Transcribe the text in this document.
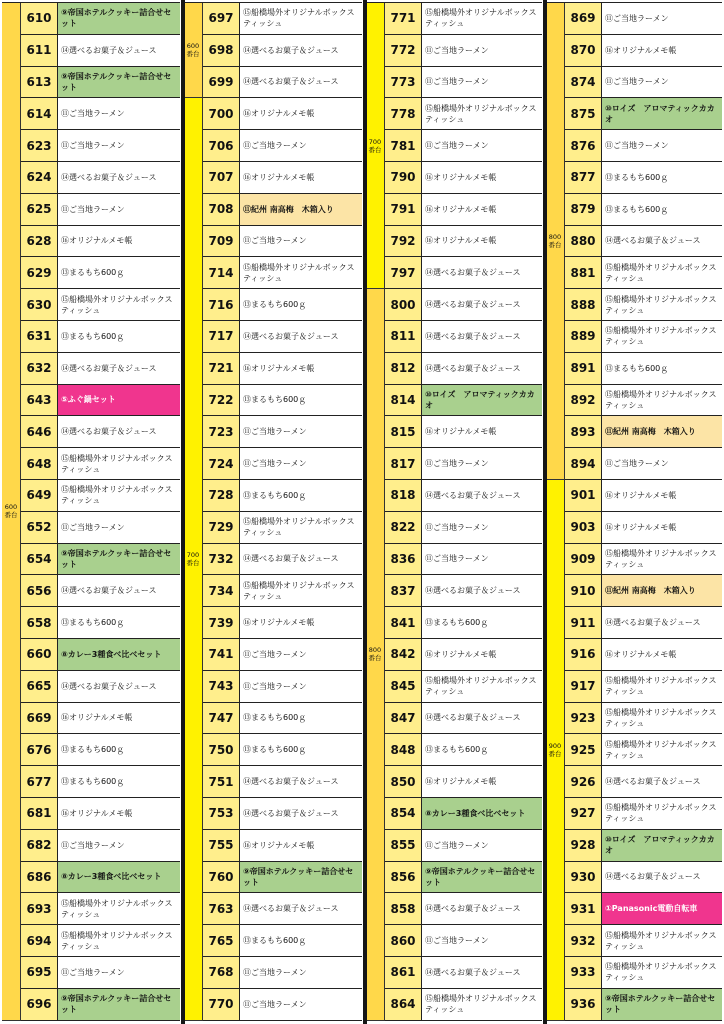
600
番台
610	⑨帝国ホテルクッキー詰合せセット
611	⑭選べるお菓子＆ジュース
613	⑨帝国ホテルクッキー詰合せセット
614	⑪ご当地ラーメン
623	⑪ご当地ラーメン
624	⑭選べるお菓子＆ジュース
625	⑪ご当地ラーメン
628	⑯オリジナルメモ帳
629	⑬まるもち600ｇ
630	⑮船橋場外オリジナルボックスティッシュ
631	⑬まるもち600ｇ
632	⑭選べるお菓子＆ジュース
643	⑤ふぐ鍋セット
646	⑭選べるお菓子＆ジュース
648	⑮船橋場外オリジナルボックスティッシュ
649	⑮船橋場外オリジナルボックスティッシュ
652	⑪ご当地ラーメン
654	⑨帝国ホテルクッキー詰合せセット
656	⑭選べるお菓子＆ジュース
658	⑬まるもち600ｇ
660	⑧カレー3種食べ比べセット
665	⑭選べるお菓子＆ジュース
669	⑯オリジナルメモ帳
676	⑬まるもち600ｇ
677	⑬まるもち600ｇ
681	⑯オリジナルメモ帳
682	⑪ご当地ラーメン
686	⑧カレー3種食べ比べセット
693	⑮船橋場外オリジナルボックスティッシュ
694	⑮船橋場外オリジナルボックスティッシュ
695	⑪ご当地ラーメン
696	⑨帝国ホテルクッキー詰合せセット
600
番台
700
番台
697	⑮船橋場外オリジナルボックスティッシュ
698	⑭選べるお菓子＆ジュース
699	⑭選べるお菓子＆ジュース
700	⑯オリジナルメモ帳
706	⑪ご当地ラーメン
707	⑯オリジナルメモ帳
708	⑪紀州 南高梅　木箱入り
709	⑪ご当地ラーメン
714	⑮船橋場外オリジナルボックスティッシュ
716	⑬まるもち600ｇ
717	⑭選べるお菓子＆ジュース
721	⑯オリジナルメモ帳
722	⑬まるもち600ｇ
723	⑪ご当地ラーメン
724	⑪ご当地ラーメン
728	⑬まるもち600ｇ
729	⑮船橋場外オリジナルボックスティッシュ
732	⑭選べるお菓子＆ジュース
734	⑮船橋場外オリジナルボックスティッシュ
739	⑯オリジナルメモ帳
741	⑪ご当地ラーメン
743	⑪ご当地ラーメン
747	⑬まるもち600ｇ
750	⑬まるもち600ｇ
751	⑭選べるお菓子＆ジュース
753	⑭選べるお菓子＆ジュース
755	⑯オリジナルメモ帳
760	⑨帝国ホテルクッキー詰合せセット
763	⑭選べるお菓子＆ジュース
765	⑬まるもち600ｇ
768	⑪ご当地ラーメン
770	⑪ご当地ラーメン
700
番台
800
番台
771	⑮船橋場外オリジナルボックスティッシュ
772	⑪ご当地ラーメン
773	⑪ご当地ラーメン
778	⑮船橋場外オリジナルボックスティッシュ
781	⑪ご当地ラーメン
790	⑯オリジナルメモ帳
791	⑯オリジナルメモ帳
792	⑯オリジナルメモ帳
797	⑭選べるお菓子＆ジュース
800	⑭選べるお菓子＆ジュース
811	⑭選べるお菓子＆ジュース
812	⑭選べるお菓子＆ジュース
814	⑩ロイズ　アロマティックカカオ
815	⑯オリジナルメモ帳
817	⑪ご当地ラーメン
818	⑭選べるお菓子＆ジュース
822	⑪ご当地ラーメン
836	⑪ご当地ラーメン
837	⑭選べるお菓子＆ジュース
841	⑬まるもち600ｇ
842	⑯オリジナルメモ帳
845	⑮船橋場外オリジナルボックスティッシュ
847	⑭選べるお菓子＆ジュース
848	⑬まるもち600ｇ
850	⑯オリジナルメモ帳
854	⑧カレー3種食べ比べセット
855	⑪ご当地ラーメン
856	⑨帝国ホテルクッキー詰合せセット
858	⑭選べるお菓子＆ジュース
860	⑪ご当地ラーメン
861	⑭選べるお菓子＆ジュース
864	⑮船橋場外オリジナルボックスティッシュ
800
番台
900
番台
869	⑪ご当地ラーメン
870	⑯オリジナルメモ帳
874	⑪ご当地ラーメン
875	⑩ロイズ　アロマティックカカオ
876	⑪ご当地ラーメン
877	⑬まるもち600ｇ
879	⑬まるもち600ｇ
880	⑭選べるお菓子＆ジュース
881	⑮船橋場外オリジナルボックスティッシュ
888	⑮船橋場外オリジナルボックスティッシュ
889	⑮船橋場外オリジナルボックスティッシュ
891	⑬まるもち600ｇ
892	⑮船橋場外オリジナルボックスティッシュ
893	⑪紀州 南高梅　木箱入り
894	⑪ご当地ラーメン
901	⑯オリジナルメモ帳
903	⑯オリジナルメモ帳
909	⑮船橋場外オリジナルボックスティッシュ
910	⑪紀州 南高梅　木箱入り
911	⑭選べるお菓子＆ジュース
916	⑯オリジナルメモ帳
917	⑮船橋場外オリジナルボックスティッシュ
923	⑮船橋場外オリジナルボックスティッシュ
925	⑮船橋場外オリジナルボックスティッシュ
926	⑭選べるお菓子＆ジュース
927	⑮船橋場外オリジナルボックスティッシュ
928	⑩ロイズ　アロマティックカカオ
930	⑭選べるお菓子＆ジュース
931	①Panasonic電動自転車
932	⑮船橋場外オリジナルボックスティッシュ
933	⑮船橋場外オリジナルボックスティッシュ
936	⑨帝国ホテルクッキー詰合せセット
